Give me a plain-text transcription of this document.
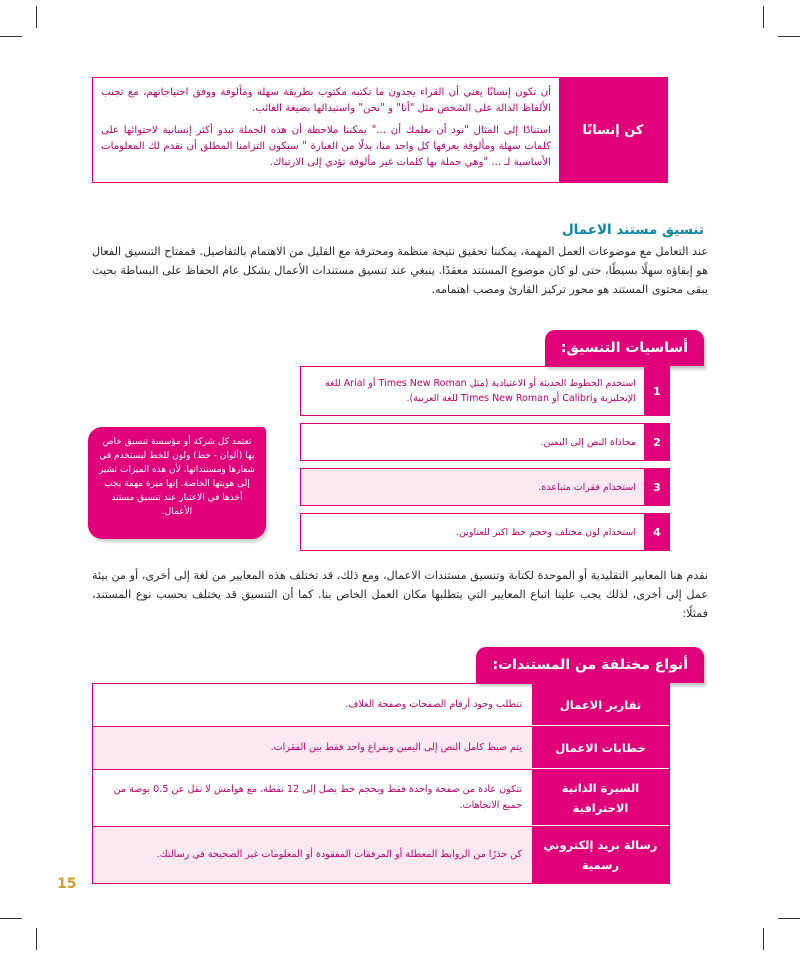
كن إنسانًا

أن تكون إنسانًا يعني أن القراء يجدون ما تكتبه مكتوب بطريقة سهلة ومألوفة ووفق احتياجاتهم، مع تجنب الألفاظ الدالة على الشخص مثل "أنا" و "نحن" واستبدالها بصيغة الغائب.

استنادًا إلى المثال "نود أن نعلمك أن ..." يمكننا ملاحظة أن هذه الجملة تبدو أكثر إنسانية لاحتوائها على كلمات سهلة ومألوفة يعرفها كل واحد منا، بدلًا من العبارة " سيكون التزامنا المطلق أن نقدم لك المعلومات الأساسية لـ ... "وهي جملة بها كلمات غير مألوفة تؤدي إلى الارتباك.

تنسيق مستند الاعمال
عند التعامل مع موضوعات العمل المهمة، يمكننا تحقيق نتيجة منظمة ومحترفة مع القليل من الاهتمام بالتفاصيل. فمفتاح التنسيق الفعال هو إبقاؤه سهلًا بسيطًا، حتى لو كان موضوع المستند معقدًا. ينبغي عند تنسيق مستندات الأعمال بشكل عام الحفاظ على البساطة بحيث يبقى محتوى المستند هو محور تركيز القارئ ومصب اهتمامه.
أساسيات التنسيق:
1
استخدم الخطوط الحديثة أو الاعتيادية (مثل Times New Roman أو Arial للغة الإنجليزية وCalibri أو Times New Roman للغة العربية).
2
محاذاة النص إلى اليمين.
3
استخدام فقرات متباعدة.
4
استخدام لون مختلف وحجم خط اكبر للعناوين.
تعتمد كل شركة أو مؤسسة تنسيق خاص بها (ألوان - خط) ولون للخط ليستخدم في شعارها ومستنداتها، لأن هذه الميزات تشير إلى هويتها الخاصة. إنها ميزة مهمة يجب أخذها في الاعتبار عند تنسيق مستند الأعمال.
نقدم هنا المعايير التقليدية أو الموحدة لكتابة وتنسيق مستندات الاعمال، ومع ذلك، قد تختلف هذه المعايير من لغة إلى أخرى، أو من بيئة عمل إلى أخرى، لذلك يجب علينا اتباع المعايير التي يتطلبها مكان العمل الخاص بنا. كما أن التنسيق قد يختلف بحسب نوع المستند، فمثلًا:
أنواع مختلفة من المستندات:
تقارير الاعمال
تتطلب وجود أرقام الصفحات وصفحة الغلاف.
خطابات الاعمال
يتم ضبط كامل النص إلى اليمين وبفراغ واحد فقط بين الفقرات.
السيرة الذاتية الاحترافية
تتكون عادة من صفحة واحدة فقط وبحجم خط يصل إلى 12 نقطة، مع هوامش لا تقل عن 0.5 بوصة من جميع الاتجاهات.
رسالة بريد إلكتروني رسمية
كن حذرًا من الروابط المعطلة أو المرفقات المفقودة أو المعلومات غير الصحيحة في رسالتك.
15
